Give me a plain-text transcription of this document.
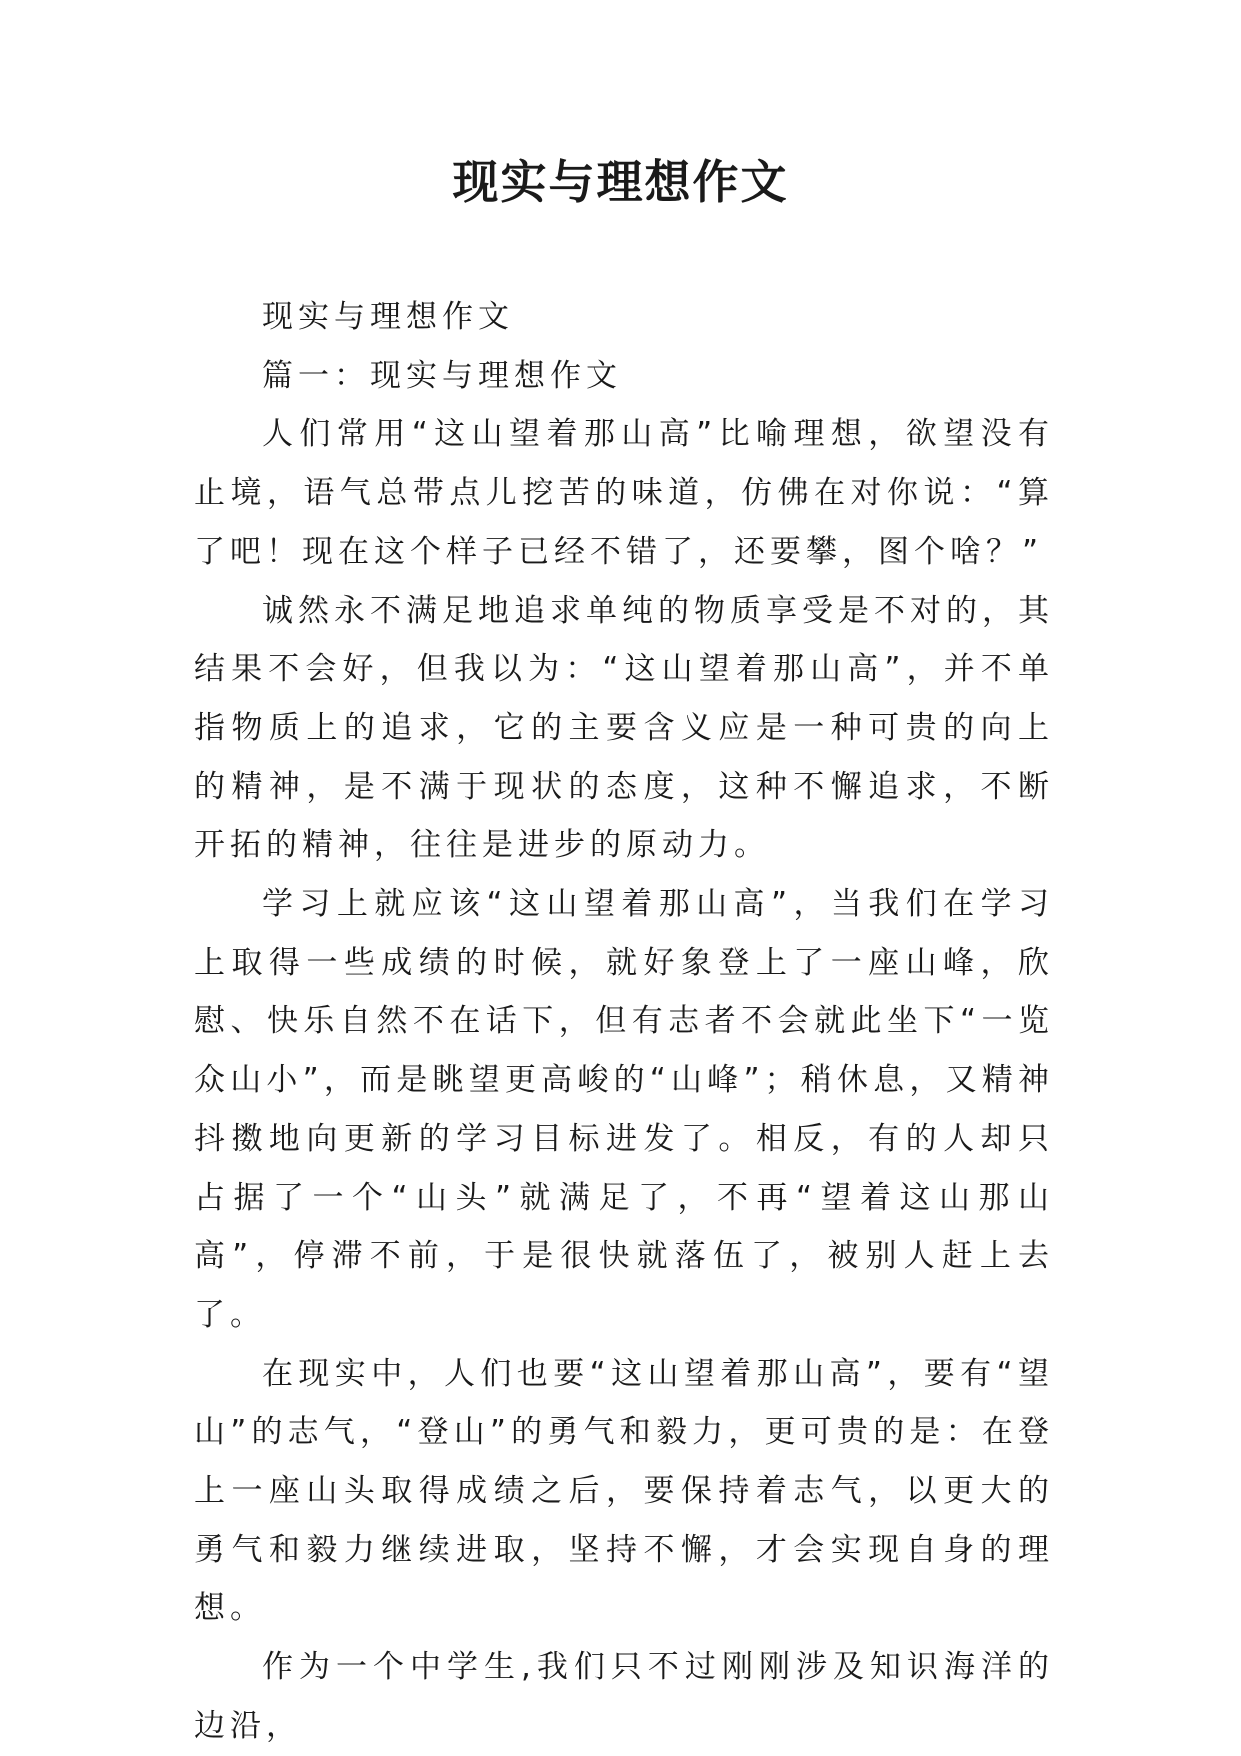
现实与理想作文

现实与理想作文

篇一：现实与理想作文

人们常用“这山望着那山高”比喻理想，欲望没有止境，语气总带点儿挖苦的味道，仿佛在对你说：“算了吧！现在这个样子已经不错了，还要攀，图个啥？”

诚然永不满足地追求单纯的物质享受是不对的，其结果不会好，但我以为：“这山望着那山高”，并不单指物质上的追求，它的主要含义应是一种可贵的向上的精神，是不满于现状的态度，这种不懈追求，不断开拓的精神，往往是进步的原动力。

学习上就应该“这山望着那山高”，当我们在学习上取得一些成绩的时候，就好象登上了一座山峰，欣慰、快乐自然不在话下，但有志者不会就此坐下“一览众山小”，而是眺望更高峻的“山峰”；稍休息，又精神抖擞地向更新的学习目标进发了。相反，有的人却只占据了一个“山头”就满足了，不再“望着这山那山高”，停滞不前，于是很快就落伍了，被别人赶上去了。

在现实中，人们也要“这山望着那山高”，要有“望山”的志气，“登山”的勇气和毅力，更可贵的是：在登上一座山头取得成绩之后，要保持着志气，以更大的勇气和毅力继续进取，坚持不懈，才会实现自身的理想。

作为一个中学生,我们只不过刚刚涉及知识海洋的边沿，
